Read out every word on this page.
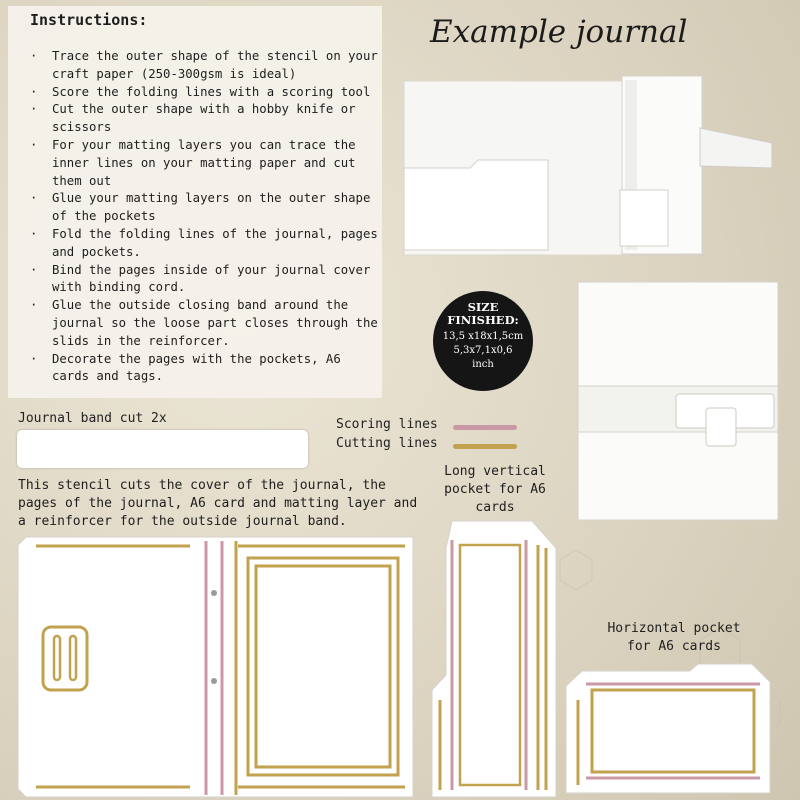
Instructions:
· Trace the outer shape of the stencil on your craft paper (250-300gsm is ideal)
· Score the folding lines with a scoring tool
· Cut the outer shape with a hobby knife or scissors
· For your matting layers you can trace the inner lines on your matting paper and cut them out
· Glue your matting layers on the outer shape of the pockets
· Fold the folding lines of the journal, pages and pockets.
· Bind the pages inside of your journal cover with binding cord.
· Glue the outside closing band around the journal so the loose part closes through the slids in the reinforcer.
· Decorate the pages with the pockets, A6 cards and tags.
Example journal
SIZE
FINISHED:
13,5 x18x1,5cm
5,3x7,1x0,6
inch
Journal band cut 2x	Scoring lines
Cutting lines
This stencil cuts the cover of the journal, the pages of the journal, A6 card and matting layer and a reinforcer for the outside journal band.
Long vertical
pocket for A6
cards
Horizontal pocket
for A6 cards
